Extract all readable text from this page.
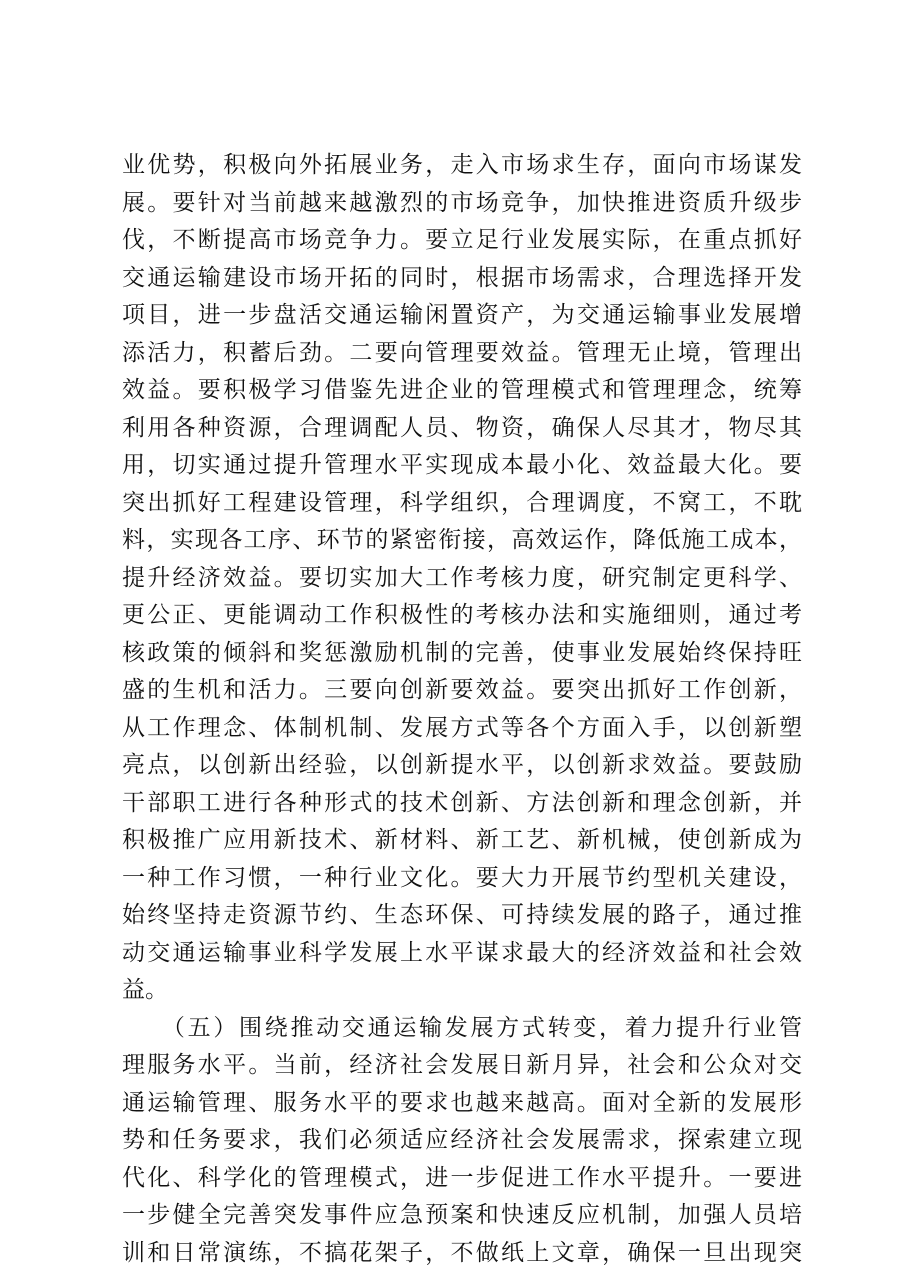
业优势，积极向外拓展业务，走入市场求生存，面向市场谋发
展。要针对当前越来越激烈的市场竞争，加快推进资质升级步
伐，不断提高市场竞争力。要立足行业发展实际，在重点抓好
交通运输建设市场开拓的同时，根据市场需求，合理选择开发
项目，进一步盘活交通运输闲置资产，为交通运输事业发展增
添活力，积蓄后劲。二要向管理要效益。管理无止境，管理出
效益。要积极学习借鉴先进企业的管理模式和管理理念，统筹
利用各种资源，合理调配人员、物资，确保人尽其才，物尽其
用，切实通过提升管理水平实现成本最小化、效益最大化。要
突出抓好工程建设管理，科学组织，合理调度，不窝工，不耽
料，实现各工序、环节的紧密衔接，高效运作，降低施工成本，
提升经济效益。要切实加大工作考核力度，研究制定更科学、
更公正、更能调动工作积极性的考核办法和实施细则，通过考
核政策的倾斜和奖惩激励机制的完善，使事业发展始终保持旺
盛的生机和活力。三要向创新要效益。要突出抓好工作创新，
从工作理念、体制机制、发展方式等各个方面入手，以创新塑
亮点，以创新出经验，以创新提水平，以创新求效益。要鼓励
干部职工进行各种形式的技术创新、方法创新和理念创新，并
积极推广应用新技术、新材料、新工艺、新机械，使创新成为
一种工作习惯，一种行业文化。要大力开展节约型机关建设，
始终坚持走资源节约、生态环保、可持续发展的路子，通过推
动交通运输事业科学发展上水平谋求最大的经济效益和社会效
益。
　　（五）围绕推动交通运输发展方式转变，着力提升行业管
理服务水平。当前，经济社会发展日新月异，社会和公众对交
通运输管理、服务水平的要求也越来越高。面对全新的发展形
势和任务要求，我们必须适应经济社会发展需求，探索建立现
代化、科学化的管理模式，进一步促进工作水平提升。一要进
一步健全完善突发事件应急预案和快速反应机制，加强人员培
训和日常演练，不搞花架子，不做纸上文章，确保一旦出现突
